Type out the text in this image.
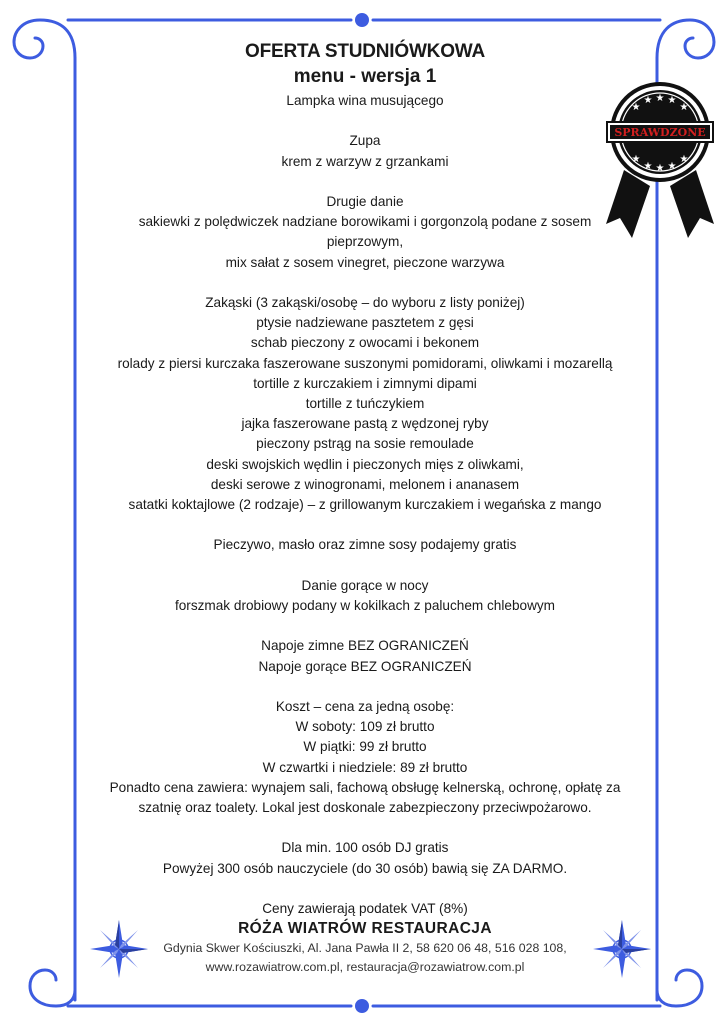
OFERTA STUDNIÓWKOWA
menu - wersja 1
Lampka wina musującego
Zupa
krem z warzyw z grzankami
Drugie danie
sakiewki z polędwiczek nadziane borowikami i gorgonzolą podane z sosem pieprzowym,
mix sałat z sosem vinegret, pieczone warzywa
Zakąski (3 zakąski/osobę – do wyboru z listy poniżej)
ptysie nadziewane pasztetem z gęsi
schab pieczony z owocami i bekonem
rolady z piersi kurczaka faszerowane suszonymi pomidorami, oliwkami i mozarellą
tortille z kurczakiem i zimnymi dipami
tortille z tuńczykiem
jajka faszerowane pastą z wędzonej ryby
pieczony pstrąg na sosie remoulade
deski swojskich wędlin i pieczonych mięs z oliwkami,
deski serowe z winogronami, melonem i ananasem
satatki koktajlowe (2 rodzaje) – z grillowanym kurczakiem i wegańska z mango
Pieczywo, masło oraz zimne sosy podajemy gratis
Danie gorące w nocy
forszmak drobiowy podany w kokilkach z paluchem chlebowym
Napoje zimne BEZ OGRANICZEŃ
Napoje gorące BEZ OGRANICZEŃ
Koszt – cena za jedną osobę:
W soboty: 109 zł brutto
W piątki: 99 zł brutto
W czwartki i niedziele: 89 zł brutto
Ponadto cena zawiera: wynajem sali, fachową obsługę kelnerską, ochronę, opłatę za
szatnię oraz toalety. Lokal jest doskonale zabezpieczony przeciwpożarowo.
Dla min. 100 osób DJ gratis
Powyżej 300 osób nauczyciele (do 30 osób) bawią się ZA DARMO.
Ceny zawierają podatek VAT (8%)
RÓŻA WIATRÓW RESTAURACJA
Gdynia Skwer Kościuszki, Al. Jana Pawła II 2, 58 620 06 48, 516 028 108,
www.rozawiatrow.com.pl, restauracja@rozawiatrow.com.pl
★
★ ★ ★
★
★
★ ★ ★
★
SPRAWDZONE
